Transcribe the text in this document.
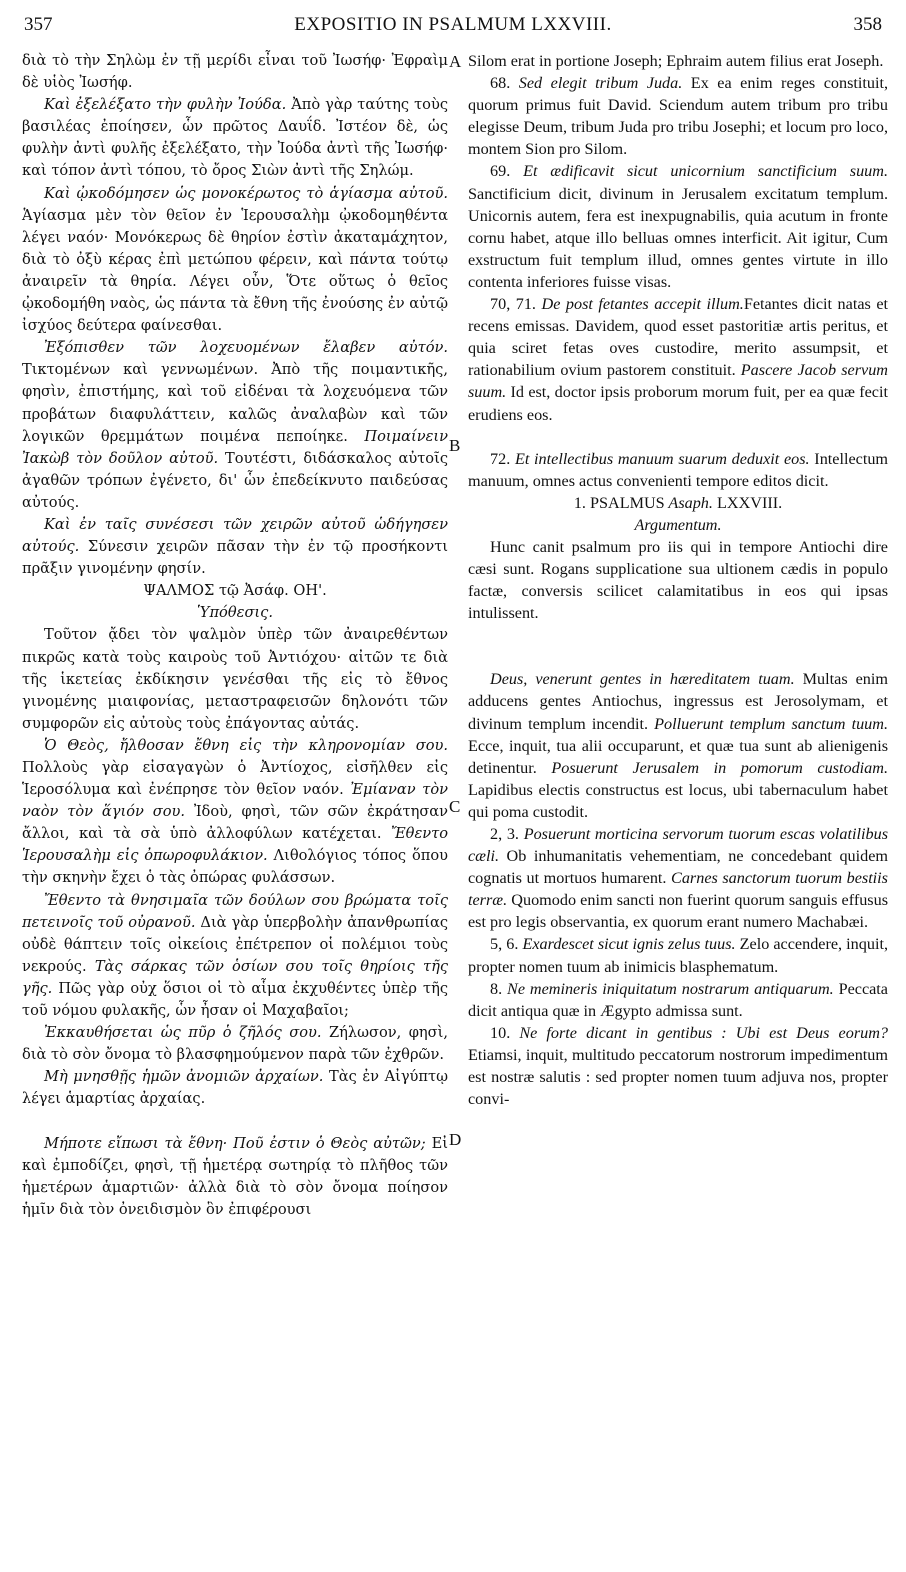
357	EXPOSITIO IN PSALMUM LXXVIII.	358
A
B
C
D

διὰ τὸ τὴν Σηλὼμ ἐν τῇ μερίδι εἶναι τοῦ Ἰωσήφ· Ἐφραὶμ δὲ υἱὸς Ἰωσήφ.

Καὶ ἐξελέξατο τὴν φυλὴν Ἰούδα. Ἀπὸ γὰρ ταύτης τοὺς βασιλέας ἐποίησεν, ὧν πρῶτος Δαυΐδ. Ἰστέον δὲ, ὡς φυλὴν ἀντὶ φυλῆς ἐξελέξατο, τὴν Ἰούδα ἀντὶ τῆς Ἰωσήφ· καὶ τόπον ἀντὶ τόπου, τὸ ὄρος Σιὼν ἀντὶ τῆς Σηλώμ.

Καὶ ᾠκοδόμησεν ὡς μονοκέρωτος τὸ ἁγίασμα αὐτοῦ. Ἁγίασμα μὲν τὸν θεῖον ἐν Ἱερουσαλὴμ ᾠκοδομηθέντα λέγει ναόν· Μονόκερως δὲ θηρίον ἐστὶν ἀκαταμάχητον, διὰ τὸ ὀξὺ κέρας ἐπὶ μετώπου φέρειν, καὶ πάντα τούτῳ ἀναιρεῖν τὰ θηρία. Λέγει οὖν, Ὅτε οὕτως ὁ θεῖος ᾠκοδομήθη ναὸς, ὡς πάντα τὰ ἔθνη τῆς ἐνούσης ἐν αὐτῷ ἰσχύος δεύτερα φαίνεσθαι.

Ἐξόπισθεν τῶν λοχευομένων ἔλαβεν αὐτόν. Τικτομένων καὶ γεννωμένων. Ἀπὸ τῆς ποιμαντικῆς, φησὶν, ἐπιστήμης, καὶ τοῦ εἰδέναι τὰ λοχευόμενα τῶν προβάτων διαφυλάττειν, καλῶς ἀναλαβὼν καὶ τῶν λογικῶν θρεμμάτων ποιμένα πεποίηκε. Ποιμαίνειν Ἰακὼβ τὸν δοῦλον αὐτοῦ. Τουτέστι, διδάσκαλος αὐτοῖς ἀγαθῶν τρόπων ἐγένετο, δι' ὧν ἐπεδείκνυτο παιδεύσας αὐτούς.

Καὶ ἐν ταῖς συνέσεσι τῶν χειρῶν αὐτοῦ ὡδήγησεν αὐτούς. Σύνεσιν χειρῶν πᾶσαν τὴν ἐν τῷ προσήκοντι πρᾶξιν γινομένην φησίν.

ΨΑΛΜΟΣ τῷ Ἀσάφ. ΟΗ'.

Ὑπόθεσις.

Τοῦτον ᾄδει τὸν ψαλμὸν ὑπὲρ τῶν ἀναιρεθέντων πικρῶς κατὰ τοὺς καιροὺς τοῦ Ἀντιόχου· αἰτῶν τε διὰ τῆς ἱκετείας ἐκδίκησιν γενέσθαι τῆς εἰς τὸ ἔθνος γινομένης μιαιφονίας, μεταστραφεισῶν δηλονότι τῶν συμφορῶν εἰς αὐτοὺς τοὺς ἐπάγοντας αὐτάς.

Ὁ Θεὸς, ἤλθοσαν ἔθνη εἰς τὴν κληρονομίαν σου. Πολλοὺς γὰρ εἰσαγαγὼν ὁ Ἀντίοχος, εἰσῆλθεν εἰς Ἱεροσόλυμα καὶ ἐνέπρησε τὸν θεῖον ναόν. Ἐμίαναν τὸν ναὸν τὸν ἅγιόν σου. Ἰδοὺ, φησὶ, τῶν σῶν ἐκράτησαν ἄλλοι, καὶ τὰ σὰ ὑπὸ ἀλλοφύλων κατέχεται. Ἔθεντο Ἱερουσαλὴμ εἰς ὀπωροφυλάκιον. Λιθολόγιος τόπος ὅπου τὴν σκηνὴν ἔχει ὁ τὰς ὀπώρας φυλάσσων.

Ἔθεντο τὰ θνησιμαῖα τῶν δούλων σου βρώματα τοῖς πετεινοῖς τοῦ οὐρανοῦ. Διὰ γὰρ ὑπερβολὴν ἀπανθρωπίας οὐδὲ θάπτειν τοῖς οἰκείοις ἐπέτρεπον οἱ πολέμιοι τοὺς νεκρούς. Τὰς σάρκας τῶν ὁσίων σου τοῖς θηρίοις τῆς γῆς. Πῶς γὰρ οὐχ ὅσιοι οἱ τὸ αἷμα ἐκχυθέντες ὑπὲρ τῆς τοῦ νόμου φυλακῆς, ὧν ἦσαν οἱ Μαχαβαῖοι;

Ἐκκαυθήσεται ὡς πῦρ ὁ ζῆλός σου. Ζήλωσον, φησὶ, διὰ τὸ σὸν ὄνομα τὸ βλασφημούμενον παρὰ τῶν ἐχθρῶν.

Μὴ μνησθῇς ἡμῶν ἀνομιῶν ἀρχαίων. Τὰς ἐν Αἰγύπτῳ λέγει ἁμαρτίας ἀρχαίας.

Μήποτε εἴπωσι τὰ ἔθνη· Ποῦ ἐστιν ὁ Θεὸς αὐτῶν; Εἰ καὶ ἐμποδίζει, φησὶ, τῇ ἡμετέρᾳ σωτηρίᾳ τὸ πλῆθος τῶν ἡμετέρων ἁμαρτιῶν· ἀλλὰ διὰ τὸ σὸν ὄνομα ποίησον ἡμῖν διὰ τὸν ὀνειδισμὸν ὃν ἐπιφέρουσι

Silom erat in portione Joseph; Ephraim autem filius erat Joseph.

68. Sed elegit tribum Juda. Ex ea enim reges constituit, quorum primus fuit David. Sciendum autem tribum pro tribu elegisse Deum, tribum Juda pro tribu Josephi; et locum pro loco, montem Sion pro Silom.

69. Et ædificavit sicut unicornium sanctificium suum. Sanctificium dicit, divinum in Jerusalem excitatum templum. Unicornis autem, fera est inexpugnabilis, quia acutum in fronte cornu habet, atque illo belluas omnes interficit. Ait igitur, Cum exstructum fuit templum illud, omnes gentes virtute in illo contenta inferiores fuisse visas.

70, 71. De post fetantes accepit illum.Fetantes dicit natas et recens emissas. Davidem, quod esset pastoritiæ artis peritus, et quia sciret fetas oves custodire, merito assumpsit, et rationabilium ovium pastorem constituit. Pascere Jacob servum suum. Id est, doctor ipsis proborum morum fuit, per ea quæ fecit erudiens eos.

72. Et intellectibus manuum suarum deduxit eos. Intellectum manuum, omnes actus convenienti tempore editos dicit.

1. PSALMUS Asaph. LXXVIII.

Argumentum.

Hunc canit psalmum pro iis qui in tempore Antiochi dire cæsi sunt. Rogans supplicatione sua ultionem cædis in populo factæ, conversis scilicet calamitatibus in eos qui ipsas intulissent.

Deus, venerunt gentes in hæreditatem tuam. Multas enim adducens gentes Antiochus, ingressus est Jerosolymam, et divinum templum incendit. Polluerunt templum sanctum tuum. Ecce, inquit, tua alii occuparunt, et quæ tua sunt ab alienigenis detinentur. Posuerunt Jerusalem in pomorum custodiam. Lapidibus electis constructus est locus, ubi tabernaculum habet qui poma custodit.

2, 3. Posuerunt morticina servorum tuorum escas volatilibus cæli. Ob inhumanitatis vehementiam, ne concedebant quidem cognatis ut mortuos humarent. Carnes sanctorum tuorum bestiis terræ. Quomodo enim sancti non fuerint quorum sanguis effusus est pro legis observantia, ex quorum erant numero Machabæi.

5, 6. Exardescet sicut ignis zelus tuus. Zelo accendere, inquit, propter nomen tuum ab inimicis blasphematum.

8. Ne memineris iniquitatum nostrarum antiquarum. Peccata dicit antiqua quæ in Ægypto admissa sunt.

10. Ne forte dicant in gentibus : Ubi est Deus eorum? Etiamsi, inquit, multitudo peccatorum nostrorum impedimentum est nostræ salutis : sed propter nomen tuum adjuva nos, propter convi-
